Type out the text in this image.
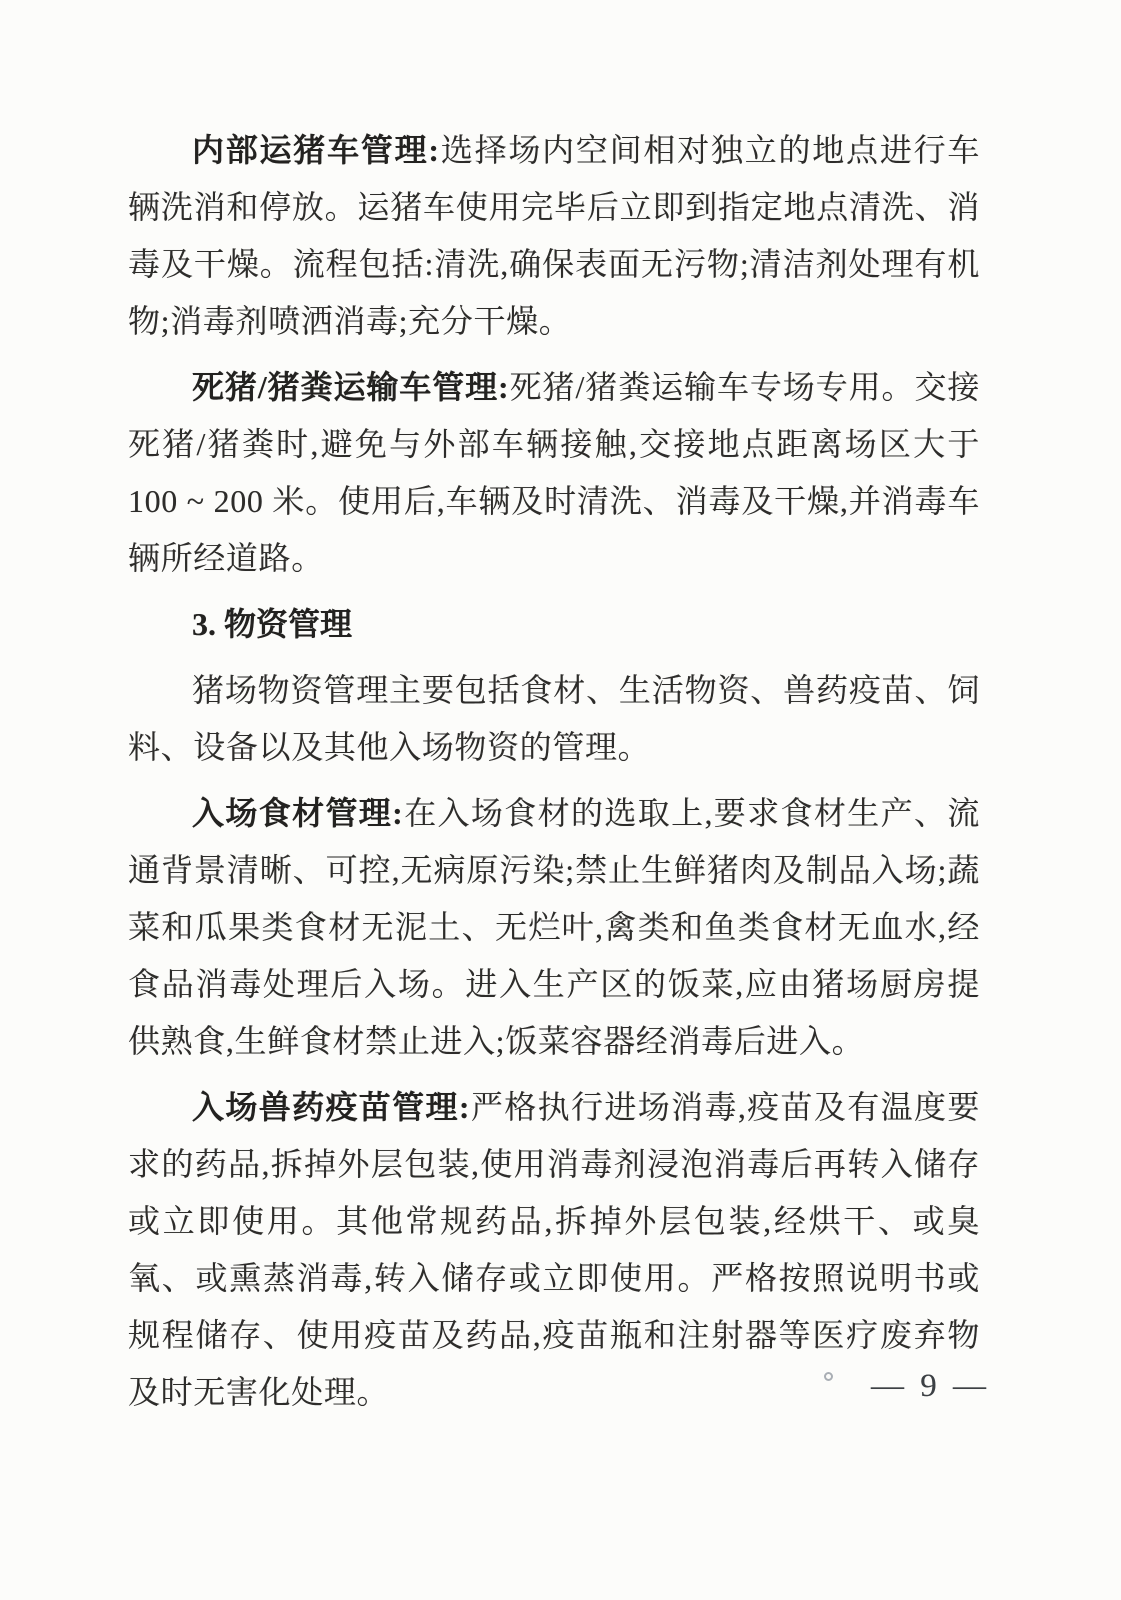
内部运猪车管理:选择场内空间相对独立的地点进行车辆洗消和停放。运猪车使用完毕后立即到指定地点清洗、消毒及干燥。流程包括:清洗,确保表面无污物;清洁剂处理有机物;消毒剂喷洒消毒;充分干燥。

死猪/猪粪运输车管理:死猪/猪粪运输车专场专用。交接死猪/猪粪时,避免与外部车辆接触,交接地点距离场区大于 100 ~ 200 米。使用后,车辆及时清洗、消毒及干燥,并消毒车辆所经道路。

3. 物资管理

猪场物资管理主要包括食材、生活物资、兽药疫苗、饲料、设备以及其他入场物资的管理。

入场食材管理:在入场食材的选取上,要求食材生产、流通背景清晰、可控,无病原污染;禁止生鲜猪肉及制品入场;蔬菜和瓜果类食材无泥土、无烂叶,禽类和鱼类食材无血水,经食品消毒处理后入场。进入生产区的饭菜,应由猪场厨房提供熟食,生鲜食材禁止进入;饭菜容器经消毒后进入。

入场兽药疫苗管理:严格执行进场消毒,疫苗及有温度要求的药品,拆掉外层包装,使用消毒剂浸泡消毒后再转入储存或立即使用。其他常规药品,拆掉外层包装,经烘干、或臭氧、或熏蒸消毒,转入储存或立即使用。严格按照说明书或规程储存、使用疫苗及药品,疫苗瓶和注射器等医疗废弃物及时无害化处理。	— 9 —
